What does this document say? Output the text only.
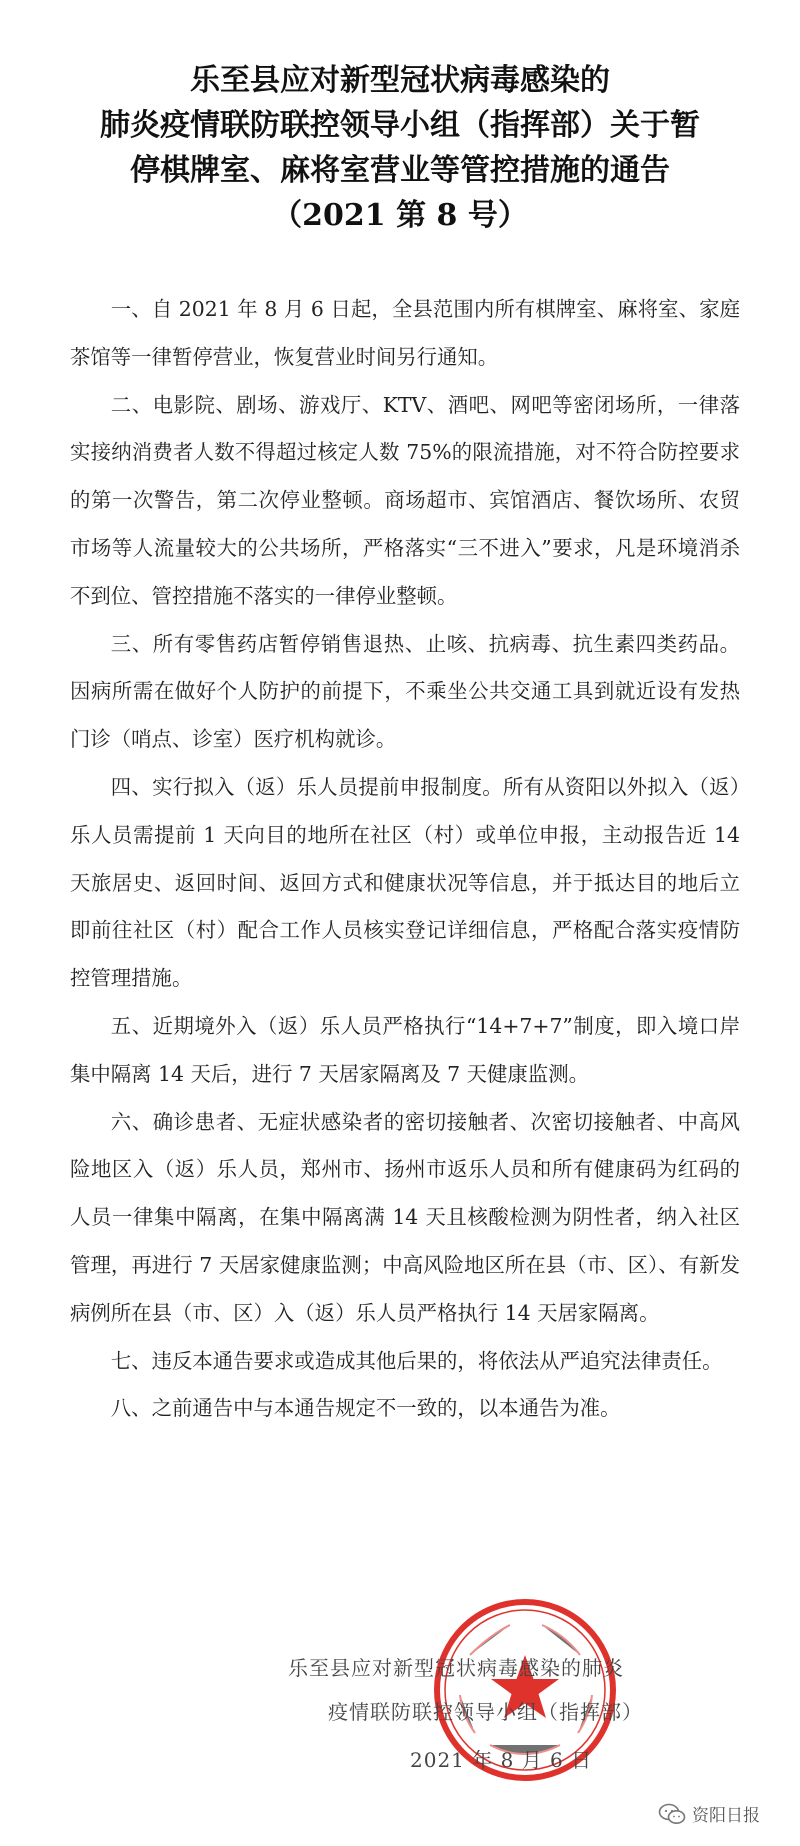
乐至县应对新型冠状病毒感染的
肺炎疫情联防联控领导小组（指挥部）关于暂
停棋牌室、麻将室营业等管控措施的通告
（2021 第 8 号）

一、自 2021 年 8 月 6 日起，全县范围内所有棋牌室、麻将室、家庭茶馆等一律暂停营业，恢复营业时间另行通知。

二、电影院、剧场、游戏厅、KTV、酒吧、网吧等密闭场所，一律落实接纳消费者人数不得超过核定人数 75%的限流措施，对不符合防控要求的第一次警告，第二次停业整顿。商场超市、宾馆酒店、餐饮场所、农贸市场等人流量较大的公共场所，严格落实“三不进入”要求，凡是环境消杀不到位、管控措施不落实的一律停业整顿。

三、所有零售药店暂停销售退热、止咳、抗病毒、抗生素四类药品。因病所需在做好个人防护的前提下，不乘坐公共交通工具到就近设有发热门诊（哨点、诊室）医疗机构就诊。

四、实行拟入（返）乐人员提前申报制度。所有从资阳以外拟入（返）乐人员需提前 1 天向目的地所在社区（村）或单位申报，主动报告近 14 天旅居史、返回时间、返回方式和健康状况等信息，并于抵达目的地后立即前往社区（村）配合工作人员核实登记详细信息，严格配合落实疫情防控管理措施。

五、近期境外入（返）乐人员严格执行“14+7+7”制度，即入境口岸集中隔离 14 天后，进行 7 天居家隔离及 7 天健康监测。

六、确诊患者、无症状感染者的密切接触者、次密切接触者、中高风险地区入（返）乐人员，郑州市、扬州市返乐人员和所有健康码为红码的人员一律集中隔离，在集中隔离满 14 天且核酸检测为阴性者，纳入社区管理，再进行 7 天居家健康监测；中高风险地区所在县（市、区）、有新发病例所在县（市、区）入（返）乐人员严格执行 14 天居家隔离。

七、违反本通告要求或造成其他后果的，将依法从严追究法律责任。

八、之前通告中与本通告规定不一致的，以本通告为准。

乐至县应对新型冠状病毒感染的肺炎
疫情联防联控领导小组（指挥部）
2021 年 8 月 6 日
资阳日报
